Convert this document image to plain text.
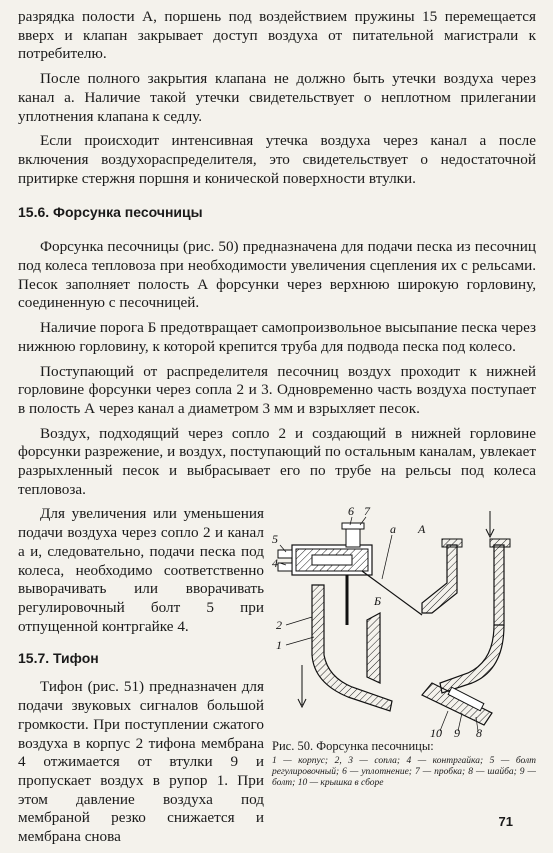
разрядка полости А, поршень под воздействием пружины 15 перемещается вверх и клапан закрывает доступ воздуха от питательной магистрали к потребителю.

После полного закрытия клапана не должно быть утечки воздуха через канал а. Наличие такой утечки свидетельствует о неплотном прилегании уплотнения клапана к седлу.

Если происходит интенсивная утечка воздуха через канал а после включения воздухораспределителя, это свидетельствует о недостаточной притирке стержня поршня и конической поверхности втулки.

15.6. Форсунка песочницы

Форсунка песочницы (рис. 50) предназначена для подачи песка из песочниц под колеса тепловоза при необходимости увеличения сцепления их с рельсами. Песок заполняет полость А форсунки через верхнюю широкую горловину, соединенную с песочницей.

Наличие порога Б предотвращает самопроизвольное высыпание песка через нижнюю горловину, к которой крепится труба для подвода песка под колесо.

Поступающий от распределителя песочниц воздух проходит к нижней горловине форсунки через сопла 2 и 3. Одновременно часть воздуха поступает в полость А через канал а диаметром 3 мм и взрыхляет песок.

Воздух, подходящий через сопло 2 и создающий в нижней горловине форсунки разрежение, и воздух, поступающий по остальным каналам, увлекает разрыхленный песок и выбрасывает его по трубе на рельсы под колеса тепловоза.

Для увеличения или уменьшения подачи воздуха через сопло 2 и канал а и, следовательно, подачи песка под колеса, необходимо соответственно выворачивать или вворачивать регулировочный болт 5 при отпущенной контргайке 4.

15.7. Тифон

Тифон (рис. 51) предназначен для подачи звуковых сигналов большой громкости. При поступлении сжатого воздуха в корпус 2 тифона мембрана 4 отжимается от втулки 9 и пропускает воздух в рупор 1. При этом давление воздуха под мембраной резко снижается и мембрана снова

5
4
6 7
а А
2
1
Б
10 9 8
Рис. 50. Форсунка песочницы:
1 — корпус; 2, 3 — сопла; 4 — контргайка; 5 — болт регулировочный; 6 — уплотнение; 7 — пробка; 8 — шайба; 9 — болт; 10 — крышка в сборе
71
